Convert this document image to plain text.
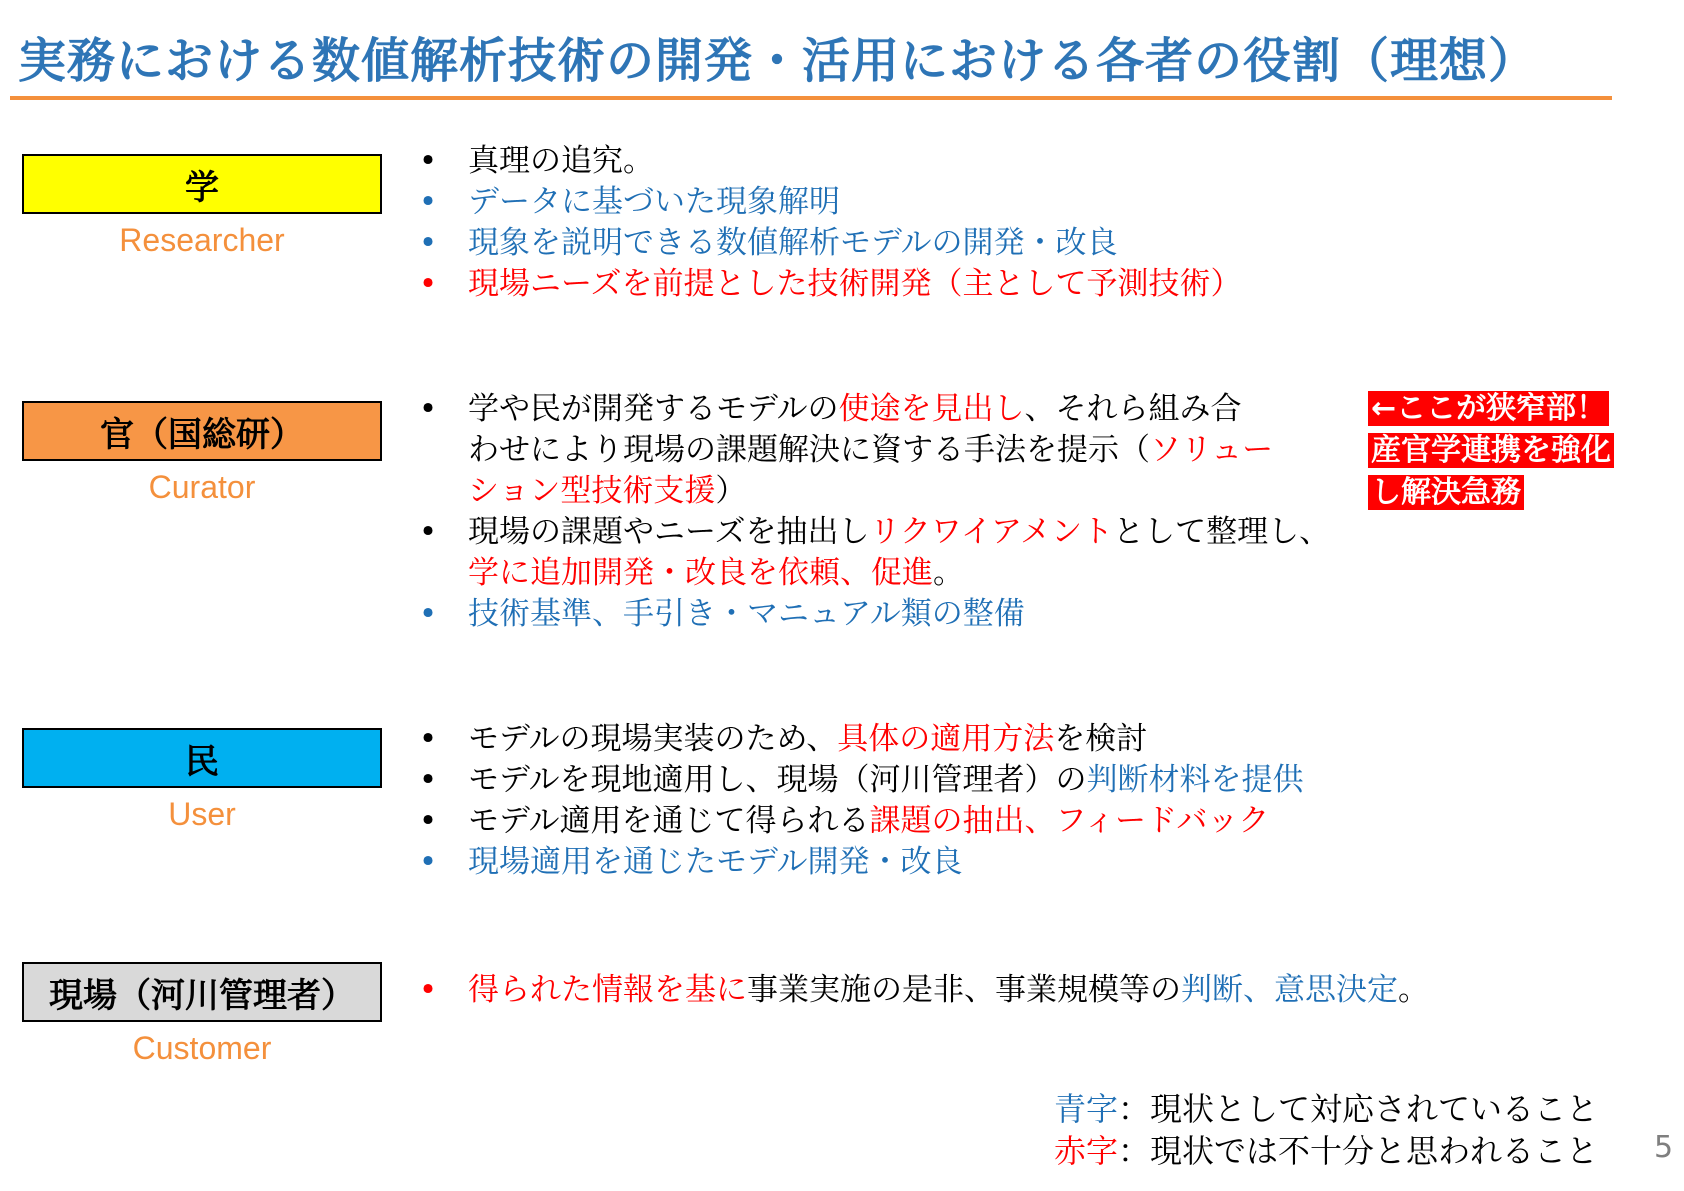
実務における数値解析技術の開発・活用における各者の役割（理想）
学
Researcher
官（国総研）
Curator
民
User
現場（河川管理者）
Customer
• 真理の追究。
• データに基づいた現象解明
• 現象を説明できる数値解析モデルの開発・改良
• 現場ニーズを前提とした技術開発（主として予測技術）
• 学や民が開発するモデルの使途を見出し、それら組み合
わせにより現場の課題解決に資する手法を提示（ソリュー
ション型技術支援）
• 現場の課題やニーズを抽出しリクワイアメントとして整理し、
学に追加開発・改良を依頼、促進。
• 技術基準、手引き・マニュアル類の整備
• モデルの現場実装のため、具体の適用方法を検討
• モデルを現地適用し、現場（河川管理者）の判断材料を提供
• モデル適用を通じて得られる課題の抽出、フィードバック
• 現場適用を通じたモデル開発・改良
• 得られた情報を基に事業実施の是非、事業規模等の判断、意思決定。
←ここが狭窄部！
産官学連携を強化
し解決急務
青字：現状として対応されていること
赤字：現状では不十分と思われること 5
